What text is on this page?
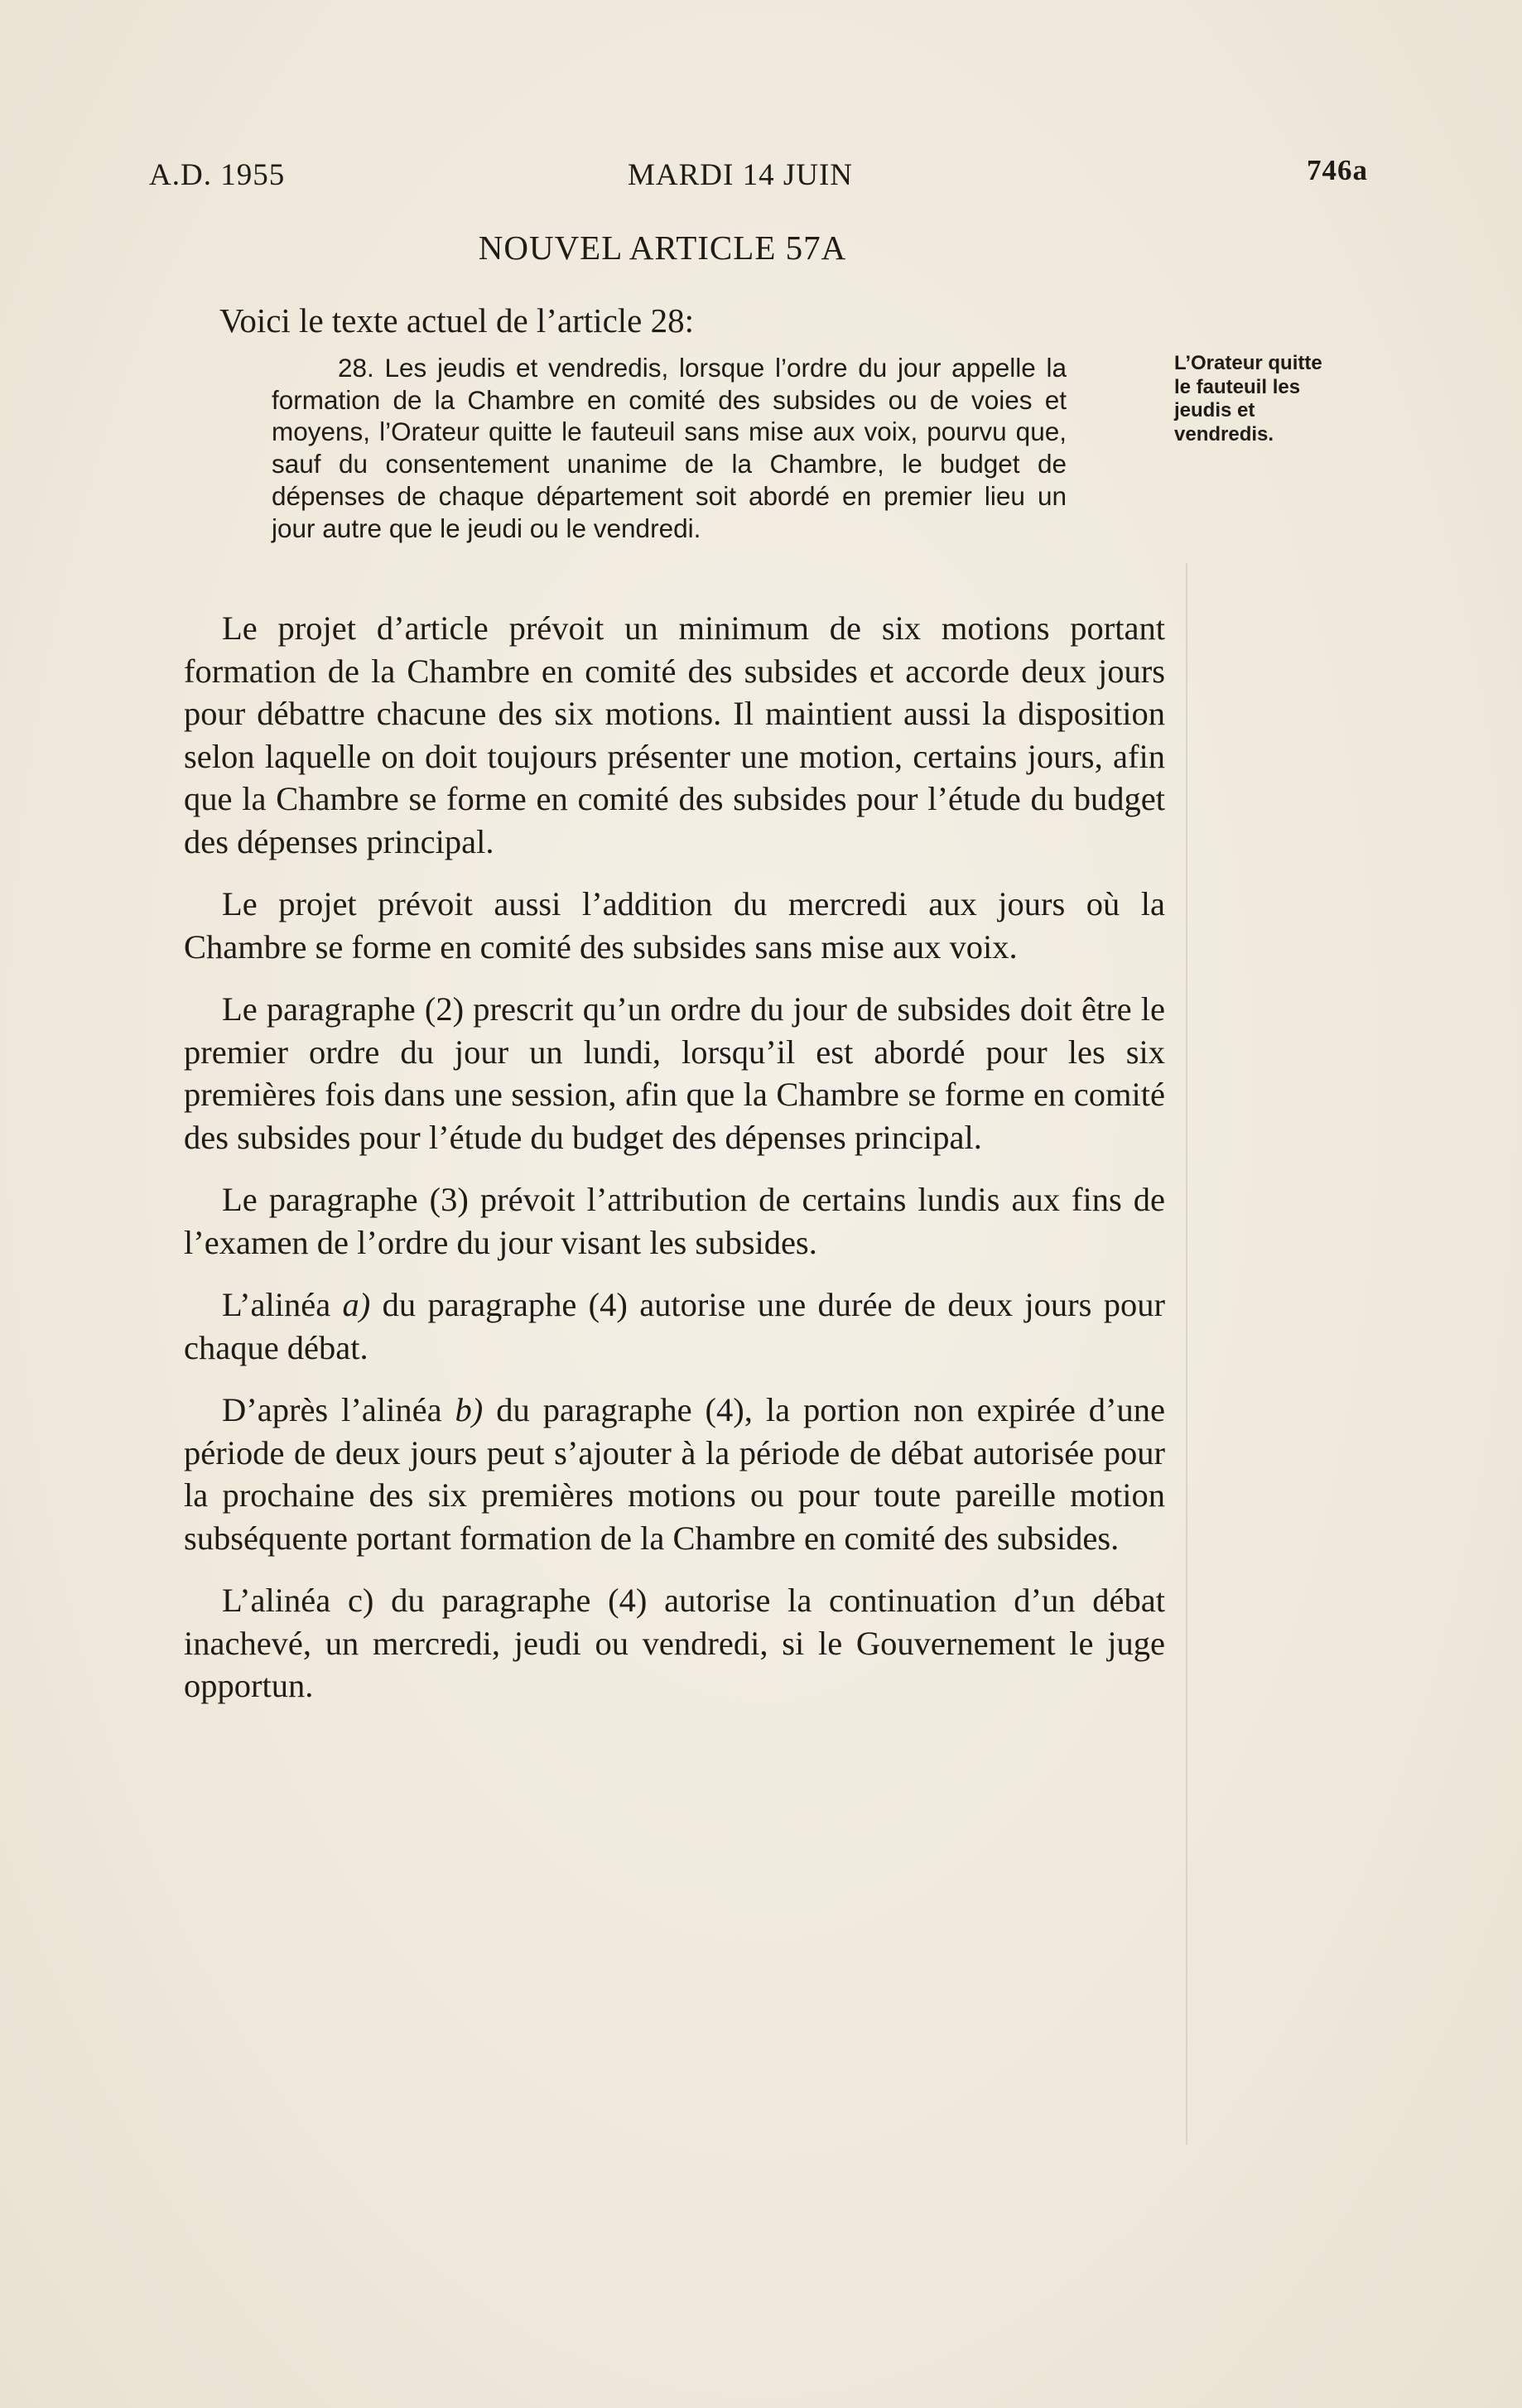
A.D. 1955	MARDI 14 JUIN	746a
NOUVEL ARTICLE 57A
Voici le texte actuel de l’article 28:

28. Les jeudis et vendredis, lorsque l’ordre du jour appelle la formation de la Chambre en comité des subsides ou de voies et moyens, l’Orateur quitte le fauteuil sans mise aux voix, pourvu que, sauf du consentement unanime de la Chambre, le budget de dépenses de chaque département soit abordé en premier lieu un jour autre que le jeudi ou le vendredi.

L’Orateur quitte le fauteuil les jeudis et vendredis.

Le projet d’article prévoit un minimum de six motions portant formation de la Chambre en comité des subsides et accorde deux jours pour débattre chacune des six motions. Il maintient aussi la disposition selon laquelle on doit toujours présenter une motion, certains jours, afin que la Chambre se forme en comité des subsides pour l’étude du budget des dépenses principal.

Le projet prévoit aussi l’addition du mercredi aux jours où la Chambre se forme en comité des subsides sans mise aux voix.

Le paragraphe (2) prescrit qu’un ordre du jour de subsides doit être le premier ordre du jour un lundi, lorsqu’il est abordé pour les six premières fois dans une session, afin que la Chambre se forme en comité des subsides pour l’étude du budget des dépenses principal.

Le paragraphe (3) prévoit l’attribution de certains lundis aux fins de l’examen de l’ordre du jour visant les subsides.

L’alinéa a) du paragraphe (4) autorise une durée de deux jours pour chaque débat.

D’après l’alinéa b) du paragraphe (4), la portion non expirée d’une période de deux jours peut s’ajouter à la période de débat autorisée pour la prochaine des six premières motions ou pour toute pareille motion subséquente portant formation de la Chambre en comité des subsides.

L’alinéa c) du paragraphe (4) autorise la continuation d’un débat inachevé, un mercredi, jeudi ou vendredi, si le Gouvernement le juge opportun.
